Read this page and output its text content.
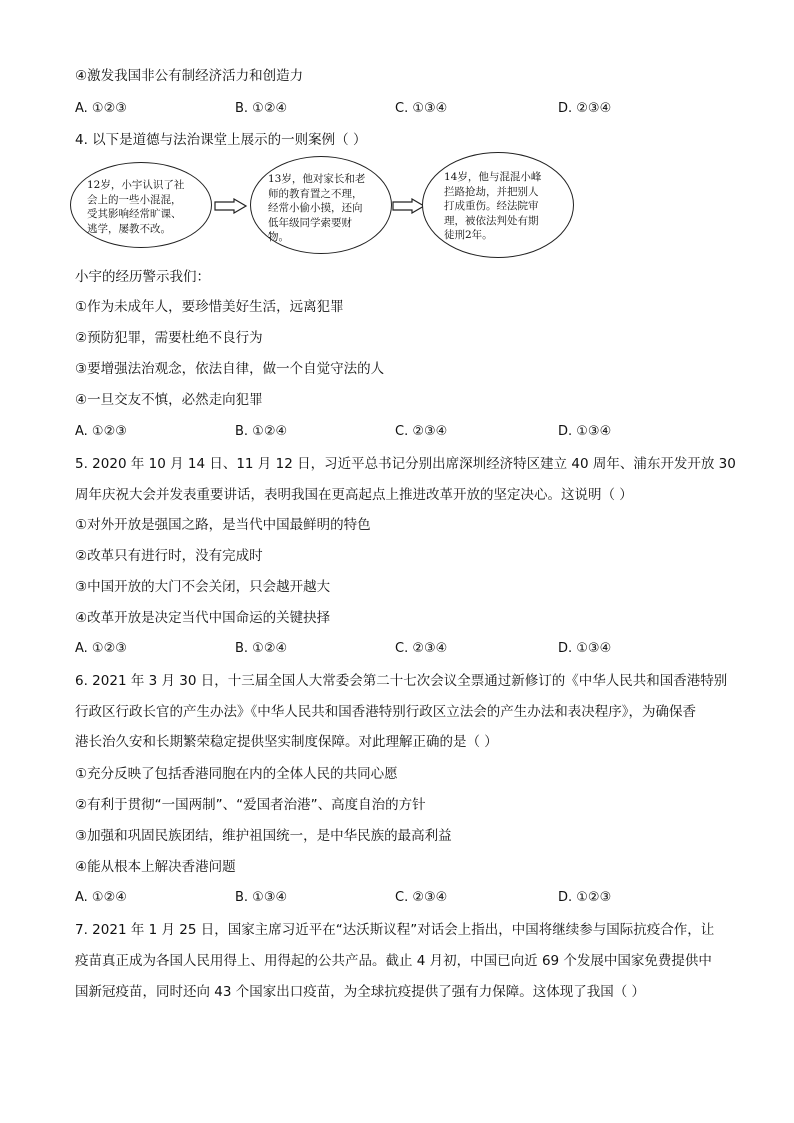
④激发我国非公有制经济活力和创造力
A. ①②③	B. ①②④	C. ①③④	D. ②③④
4. 以下是道德与法治课堂上展示的一则案例（ ）
12岁，小宇认识了社
会上的一些小混混，
受其影响经常旷课、
逃学，屡教不改。
13岁，他对家长和老
师的教育置之不理，
经常小偷小摸，还向
低年级同学索要财
物。
14岁，他与混混小峰
拦路抢劫，并把别人
打成重伤。经法院审
理，被依法判处有期
徒刑2年。
小宇的经历警示我们：
①作为未成年人，要珍惜美好生活，远离犯罪
②预防犯罪，需要杜绝不良行为
③要增强法治观念，依法自律，做一个自觉守法的人
④一旦交友不慎，必然走向犯罪
A. ①②③	B. ①②④	C. ②③④	D. ①③④
5. 2020 年 10 月 14 日、11 月 12 日，习近平总书记分别出席深圳经济特区建立 40 周年、浦东开发开放 30
周年庆祝大会并发表重要讲话，表明我国在更高起点上推进改革开放的坚定决心。这说明（ ）
①对外开放是强国之路，是当代中国最鲜明的特色
②改革只有进行时，没有完成时
③中国开放的大门不会关闭，只会越开越大
④改革开放是决定当代中国命运的关键抉择
A. ①②③	B. ①②④	C. ②③④	D. ①③④
6. 2021 年 3 月 30 日，十三届全国人大常委会第二十七次会议全票通过新修订的《中华人民共和国香港特别
行政区行政长官的产生办法》《中华人民共和国香港特别行政区立法会的产生办法和表决程序》，为确保香
港长治久安和长期繁荣稳定提供坚实制度保障。对此理解正确的是（ ）
①充分反映了包括香港同胞在内的全体人民的共同心愿
②有利于贯彻“一国两制”、“爱国者治港”、高度自治的方针
③加强和巩固民族团结，维护祖国统一，是中华民族的最高利益
④能从根本上解决香港问题
A. ①②④	B. ①③④	C. ②③④	D. ①②③
7. 2021 年 1 月 25 日，国家主席习近平在“达沃斯议程”对话会上指出，中国将继续参与国际抗疫合作，让
疫苗真正成为各国人民用得上、用得起的公共产品。截止 4 月初，中国已向近 69 个发展中国家免费提供中
国新冠疫苗，同时还向 43 个国家出口疫苗，为全球抗疫提供了强有力保障。这体现了我国（ ）
